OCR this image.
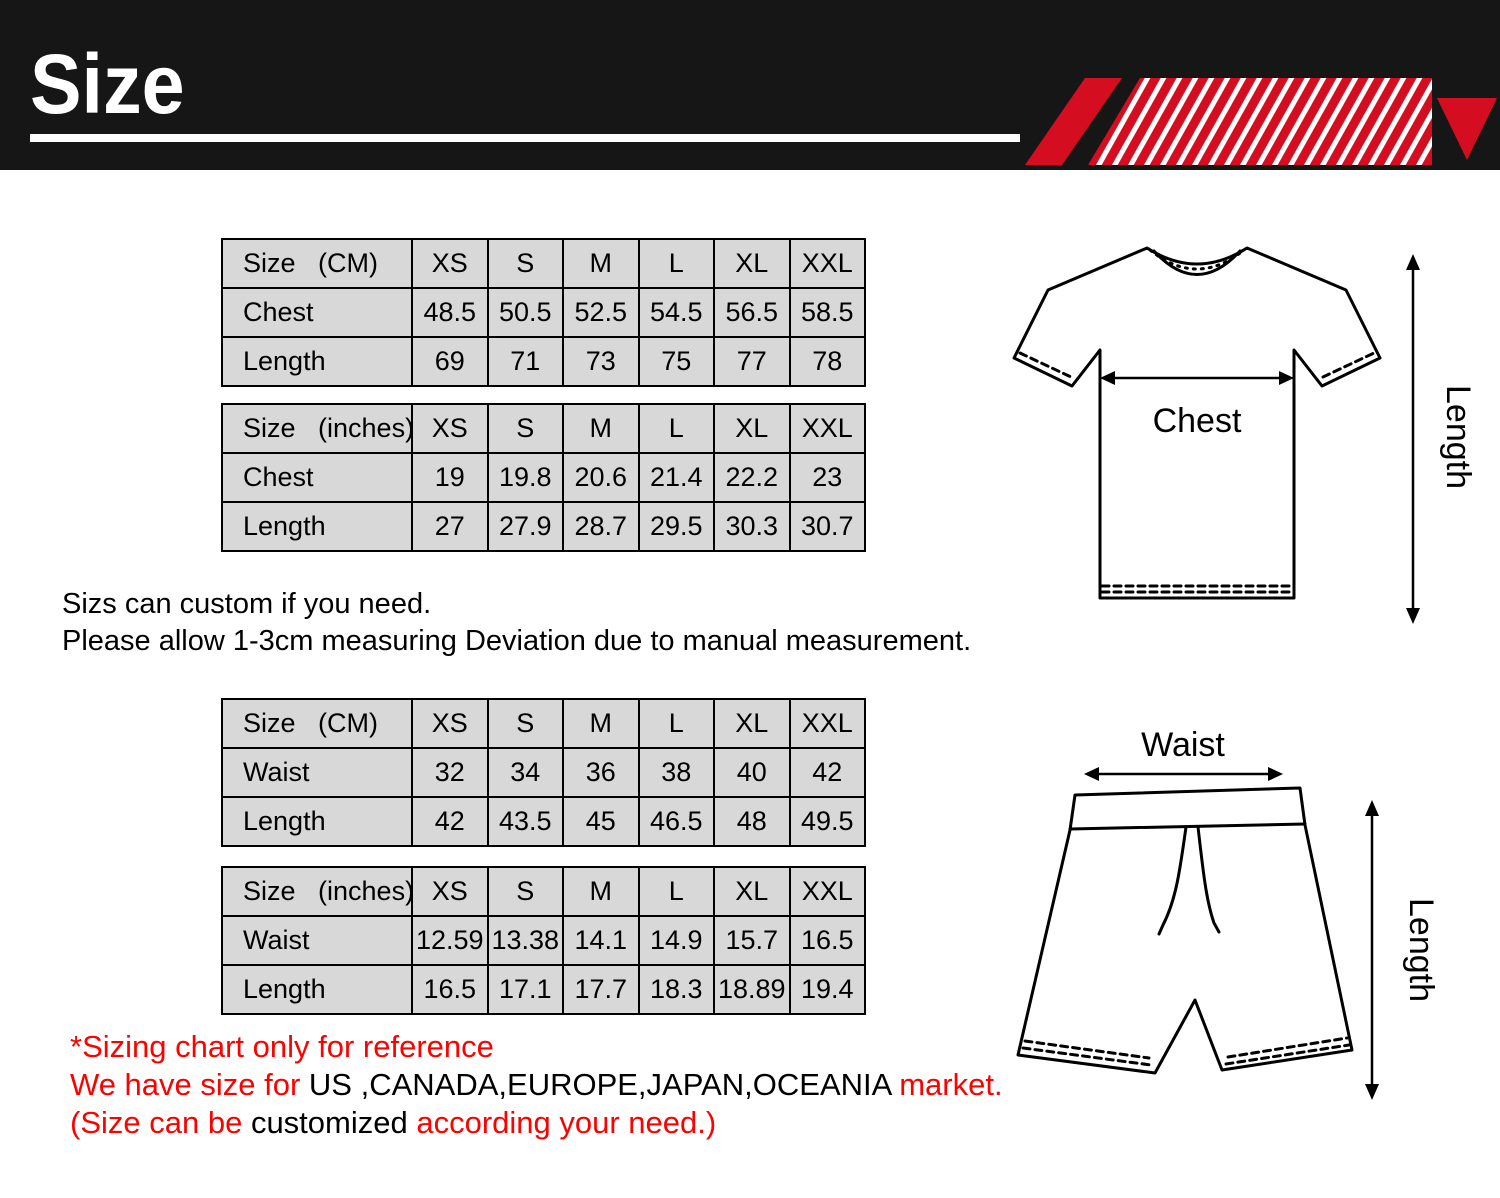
Size
Size   (CM)	XS	S	M	L	XL	XXL
Chest	48.5	50.5	52.5	54.5	56.5	58.5
Length	69	71	73	75	77	78
Size   (inches)	XS	S	M	L	XL	XXL
Chest	19	19.8	20.6	21.4	22.2	23
Length	27	27.9	28.7	29.5	30.3	30.7
Sizs can custom if you need.
Please allow 1-3cm measuring Deviation due to manual measurement.
Size   (CM)	XS	S	M	L	XL	XXL
Waist	32	34	36	38	40	42
Length	42	43.5	45	46.5	48	49.5
Size   (inches)	XS	S	M	L	XL	XXL
Waist	12.59	13.38	14.1	14.9	15.7	16.5
Length	16.5	17.1	17.7	18.3	18.89	19.4
*Sizing chart only for reference
We have size for US ,CANADA,EUROPE,JAPAN,OCEANIA market.
(Size can be customized according your need.)
Chest	Length
Waist
Length
